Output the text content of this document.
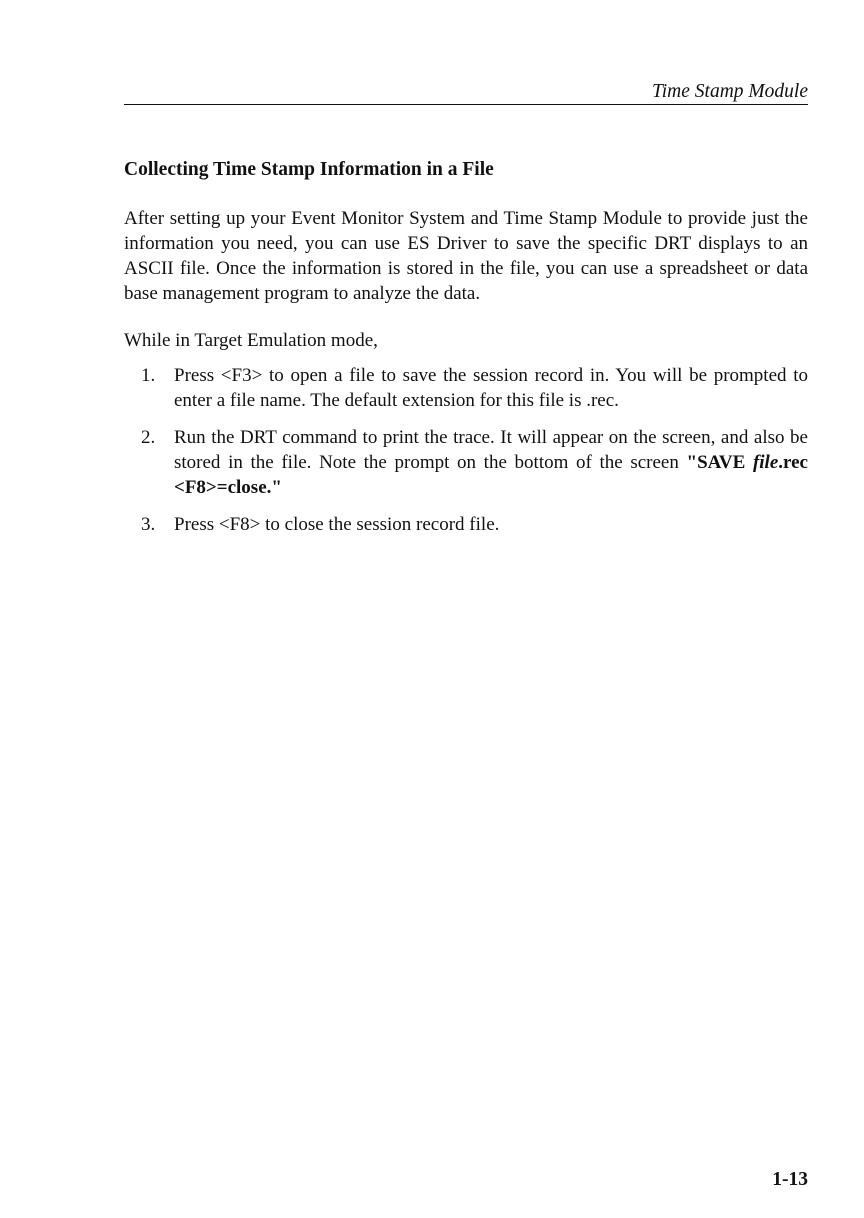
Time Stamp Module
Collecting Time Stamp Information in a File

After setting up your Event Monitor System and Time Stamp Module to provide just the information you need, you can use ES Driver to save the specific DRT displays to an ASCII file. Once the information is stored in the file, you can use a spreadsheet or data base management program to analyze the data.

While in Target Emulation mode,

1. Press <F3> to open a file to save the session record in. You will be prompted to enter a file name. The default extension for this file is .rec.
2. Run the DRT command to print the trace. It will appear on the screen, and also be stored in the file. Note the prompt on the bottom of the screen "SAVE file.rec <F8>=close."
3. Press <F8> to close the session record file.
1-13
